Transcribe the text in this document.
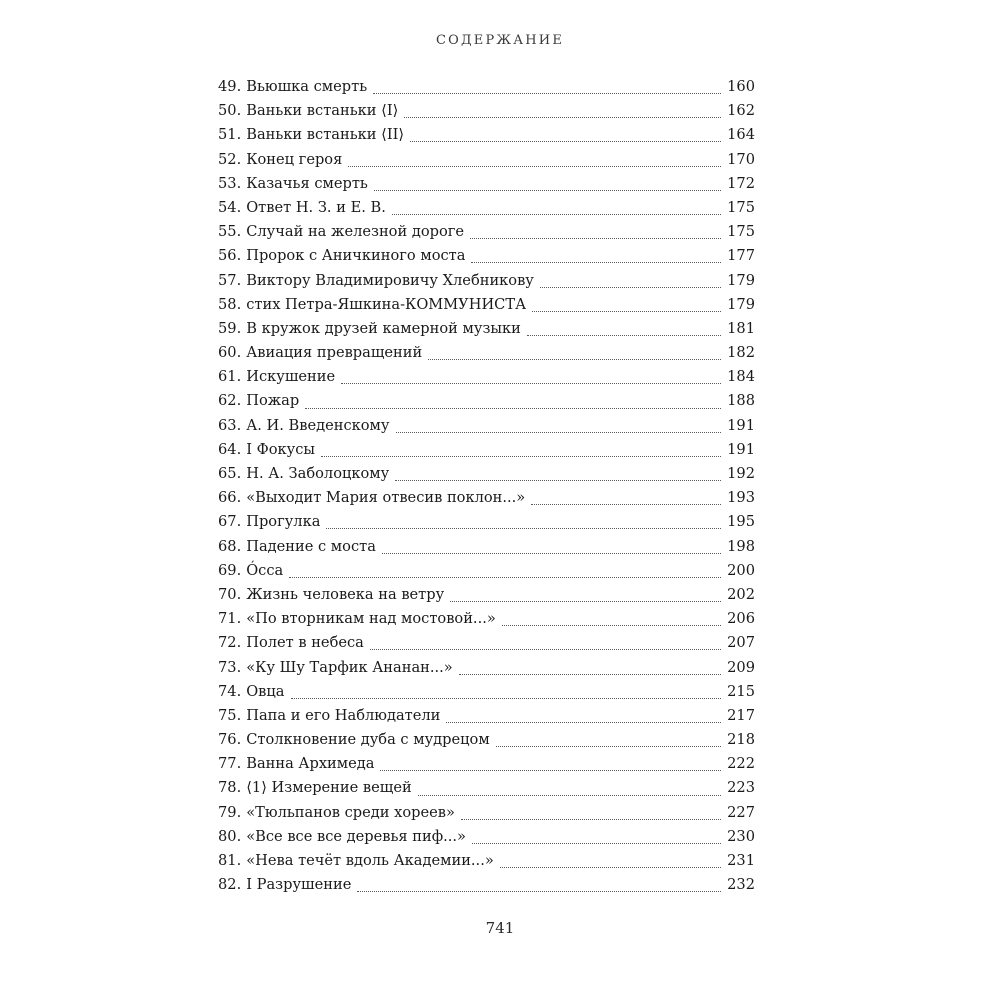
СОДЕРЖАНИЕ
49. Вьюшка смерть	160
50. Ваньки встаньки ⟨I⟩	162
51. Ваньки встаньки ⟨II⟩	164
52. Конец героя	170
53. Казачья смерть	172
54. Ответ Н. З. и Е. В.	175
55. Случай на железной дороге	175
56. Пророк с Аничкиного моста	177
57. Виктору Владимировичу Хлебникову	179
58. стих Петра-Яшкина-КОММУНИСТА	179
59. В кружок друзей камерной музыки	181
60. Авиация превращений	182
61. Искушение	184
62. Пожар	188
63. А. И. Введенскому	191
64. I Фокусы	191
65. Н. А. Заболоцкому	192
66. «Выходит Мария отвесив поклон...»	193
67. Прогулка	195
68. Падение с моста	198
69. Óсса	200
70. Жизнь человека на ветру	202
71. «По вторникам над мостовой...»	206
72. Полет в небеса	207
73. «Ку Шу Тарфик Ананан...»	209
74. Овца	215
75. Папа и его Наблюдатели	217
76. Столкновение дуба с мудрецом	218
77. Ванна Архимеда	222
78. ⟨1⟩ Измерение вещей	223
79. «Тюльпанов среди хореев»	227
80. «Все все все деревья пиф...»	230
81. «Нева течёт вдоль Академии...»	231
82. I Разрушение	232
741
